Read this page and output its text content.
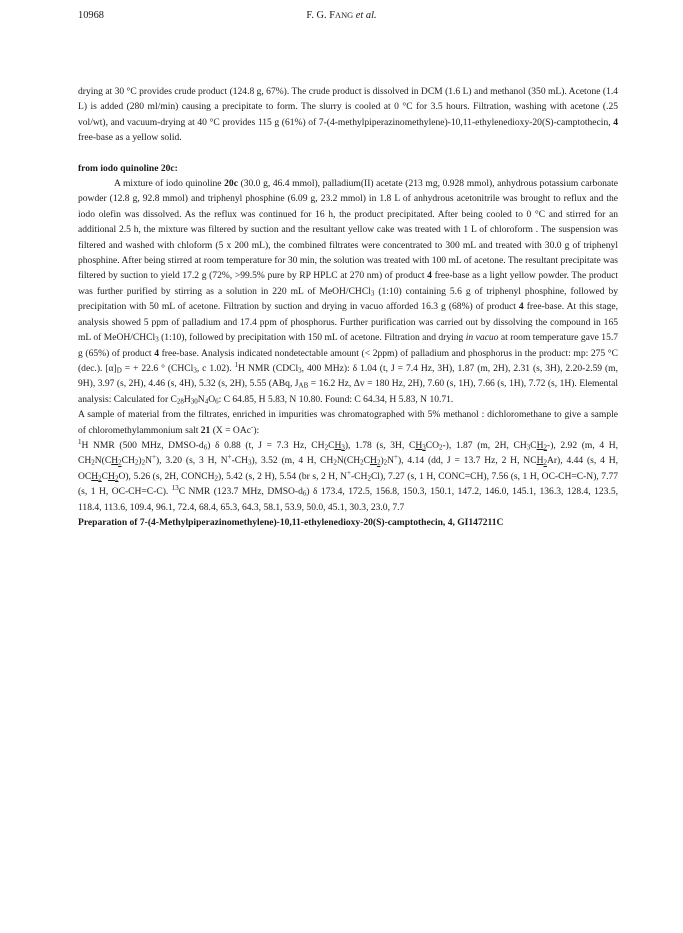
10968	F. G. FANG et al.

drying at 30 °C provides crude product (124.8 g, 67%). The crude product is dissolved in DCM (1.6 L) and methanol (350 mL). Acetone (1.4 L) is added (280 ml/min) causing a precipitate to form. The slurry is cooled at 0 °C for 3.5 hours. Filtration, washing with acetone (.25 vol/wt), and vacuum-drying at 40 °C provides 115 g (61%) of 7-(4-methylpiperazinomethylene)-10,11-ethylenedioxy-20(S)-camptothecin, 4 free-base as a yellow solid.

from iodo quinoline 20c:

A mixture of iodo quinoline 20c (30.0 g, 46.4 mmol), palladium(II) acetate (213 mg, 0.928 mmol), anhydrous potassium carbonate powder (12.8 g, 92.8 mmol) and triphenyl phosphine (6.09 g, 23.2 mmol) in 1.8 L of anhydrous acetonitrile was brought to reflux and the iodo olefin was dissolved. As the reflux was continued for 16 h, the product precipitated. After being cooled to 0 °C and stirred for an additional 2.5 h, the mixture was filtered by suction and the resultant yellow cake was treated with 1 L of chloroform . The suspension was filtered and washed with chloform (5 x 200 mL), the combined filtrates were concentrated to 300 mL and treated with 30.0 g of triphenyl phosphine. After being stirred at room temperature for 30 min, the solution was treated with 100 mL of acetone. The resultant precipitate was filtered by suction to yield 17.2 g (72%, >99.5% pure by RP HPLC at 270 nm) of product 4 free-base as a light yellow powder. The product was further purified by stirring as a solution in 220 mL of MeOH/CHCl$_3$ (1:10) containing 5.6 g of triphenyl phosphine, followed by precipitation with 50 mL of acetone. Filtration by suction and drying in vacuo afforded 16.3 g (68%) of product 4 free-base. At this stage, analysis showed 5 ppm of palladium and 17.4 ppm of phosphorus. Further purification was carried out by dissolving the compound in 165 mL of MeOH/CHCl$_3$ (1:10), followed by precipitation with 150 mL of acetone. Filtration and drying in vacuo at room temperature gave 15.7 g (65%) of product 4 free-base. Analysis indicated nondetectable amount (< 2ppm) of palladium and phosphorus in the product: mp: 275 °C (dec.). $[\alpha]_D$ = + 22.6 ° (CHCl$_3$, c 1.02). $^1$H NMR (CDCl$_3$, 400 MHz): δ 1.04 (t, J = 7.4 Hz, 3H), 1.87 (m, 2H), 2.31 (s, 3H), 2.20-2.59 (m, 9H), 3.97 (s, 2H), 4.46 (s, 4H), 5.32 (s, 2H), 5.55 (ABq, $J_{AB} = 16.2$ Hz, Δv = 180 Hz, 2H), 7.60 (s, 1H), 7.66 (s, 1H), 7.72 (s, 1H). Elemental analysis: Calculated for $C_{28}H_{30}N_4O_6$: C 64.85, H 5.83, N 10.80. Found: C 64.34, H 5.83, N 10.71.

A sample of material from the filtrates, enriched in impurities was chromatographed with 5% methanol : dichloromethane to give a sample of chloromethylammonium salt 21 (X = OAc-):

$^1$H NMR (500 MHz, DMSO-$d_6$) δ 0.88 (t, J = 7.3 Hz, $CH_2CH_3$), 1.78 (s, 3H, $CH_3CO_2-$), 1.87 (m, 2H, $CH_3CH_2-$), 2.92 (m, 4 H, $CH_2N(CH_2CH_2)_2N^+$), 3.20 (s, 3 H, $N^+-CH_3$), 3.52 (m, 4 H, $CH_2N(CH_2CH_2)_2N^+$), 4.14 (dd, J = 13.7 Hz, 2 H, $NCH_2Ar$), 4.44 (s, 4 H, $OCH_2CH_2O$), 5.26 (s, 2H, $CONCH_2$), 5.42 (s, 2 H), 5.54 (br s, 2 H, $N^+-CH_2Cl$), 7.27 (s, 1 H, CONC=CH), 7.56 (s, 1 H, OC-CH=C-N), 7.77 (s, 1 H, OC-CH=C-C). $^{13}$C NMR (123.7 MHz, DMSO-$d_6$) δ 173.4, 172.5, 156.8, 150.3, 150.1, 147.2, 146.0, 145.1, 136.3, 128.4, 123.5, 118.4, 113.6, 109.4, 96.1, 72.4, 68.4, 65.3, 64.3, 58.1, 53.9, 50.0, 45.1, 30.3, 23.0, 7.7

Preparation of 7-(4-Methylpiperazinomethylene)-10,11-ethylenedioxy-20(S)-camptothecin, 4, GI147211C
